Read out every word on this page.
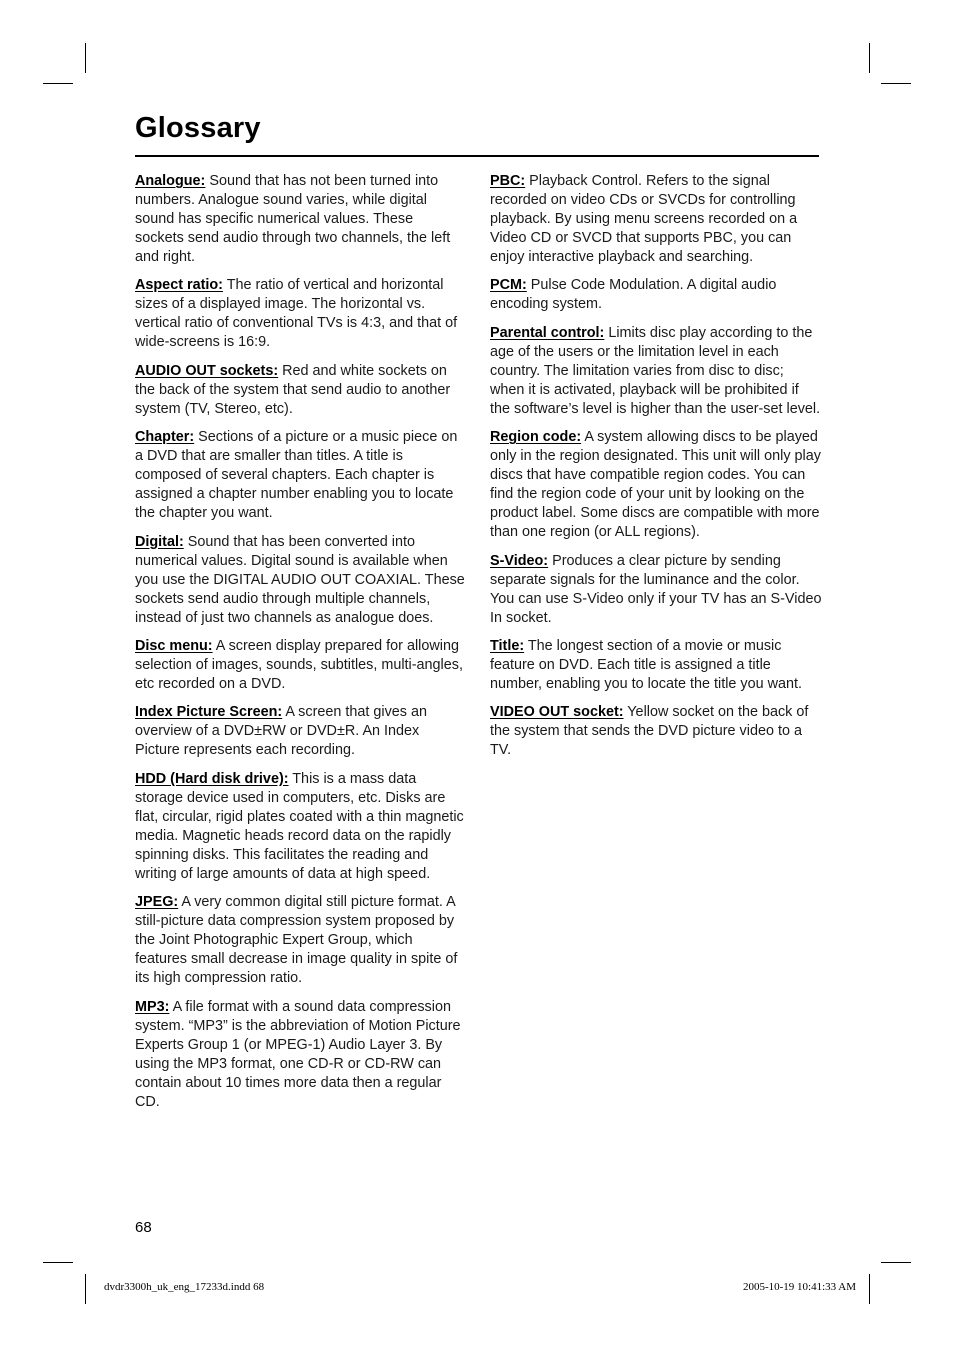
Glossary

Analogue: Sound that has not been turned into numbers. Analogue sound varies, while digital sound has specific numerical values. These sockets send audio through two channels, the left and right.

Aspect ratio: The ratio of vertical and horizontal sizes of a displayed image. The horizontal vs. vertical ratio of conventional TVs is 4:3, and that of wide-screens is 16:9.

AUDIO OUT sockets: Red and white sockets on the back of the system that send audio to another system (TV, Stereo, etc).

Chapter: Sections of a picture or a music piece on a DVD that are smaller than titles. A title is composed of several chapters. Each chapter is assigned a chapter number enabling you to locate the chapter you want.

Digital: Sound that has been converted into numerical values. Digital sound is available when you use the DIGITAL AUDIO OUT COAXIAL. These sockets send audio through multiple channels, instead of just two channels as analogue does.

Disc menu: A screen display prepared for allowing selection of images, sounds, subtitles, multi-angles, etc recorded on a DVD.

Index Picture Screen: A screen that gives an overview of a DVD±RW or DVD±R. An Index Picture represents each recording.

HDD (Hard disk drive): This is a mass data storage device used in computers, etc. Disks are flat, circular, rigid plates coated with a thin magnetic media. Magnetic heads record data on the rapidly spinning disks. This facilitates the reading and writing of large amounts of data at high speed.

JPEG: A very common digital still picture format. A still-picture data compression system proposed by the Joint Photographic Expert Group, which features small decrease in image quality in spite of its high compression ratio.

MP3: A file format with a sound data compression system. “MP3” is the abbreviation of Motion Picture Experts Group 1 (or MPEG-1) Audio Layer 3. By using the MP3 format, one CD-R or CD-RW can contain about 10 times more data then a regular CD.

PBC: Playback Control. Refers to the signal recorded on video CDs or SVCDs for controlling playback. By using menu screens recorded on a Video CD or SVCD that supports PBC, you can enjoy interactive playback and searching.

PCM: Pulse Code Modulation. A digital audio encoding system.

Parental control: Limits disc play according to the age of the users or the limitation level in each country. The limitation varies from disc to disc; when it is activated, playback will be prohibited if the software’s level is higher than the user-set level.

Region code: A system allowing discs to be played only in the region designated. This unit will only play discs that have compatible region codes. You can find the region code of your unit by looking on the product label. Some discs are compatible with more than one region (or ALL regions).

S-Video: Produces a clear picture by sending separate signals for the luminance and the color. You can use S-Video only if your TV has an S-Video In socket.

Title: The longest section of a movie or music feature on DVD. Each title is assigned a title number, enabling you to locate the title you want.

VIDEO OUT socket: Yellow socket on the back of the system that sends the DVD picture video to a TV.

68
dvdr3300h_uk_eng_17233d.indd 68	2005-10-19 10:41:33 AM
